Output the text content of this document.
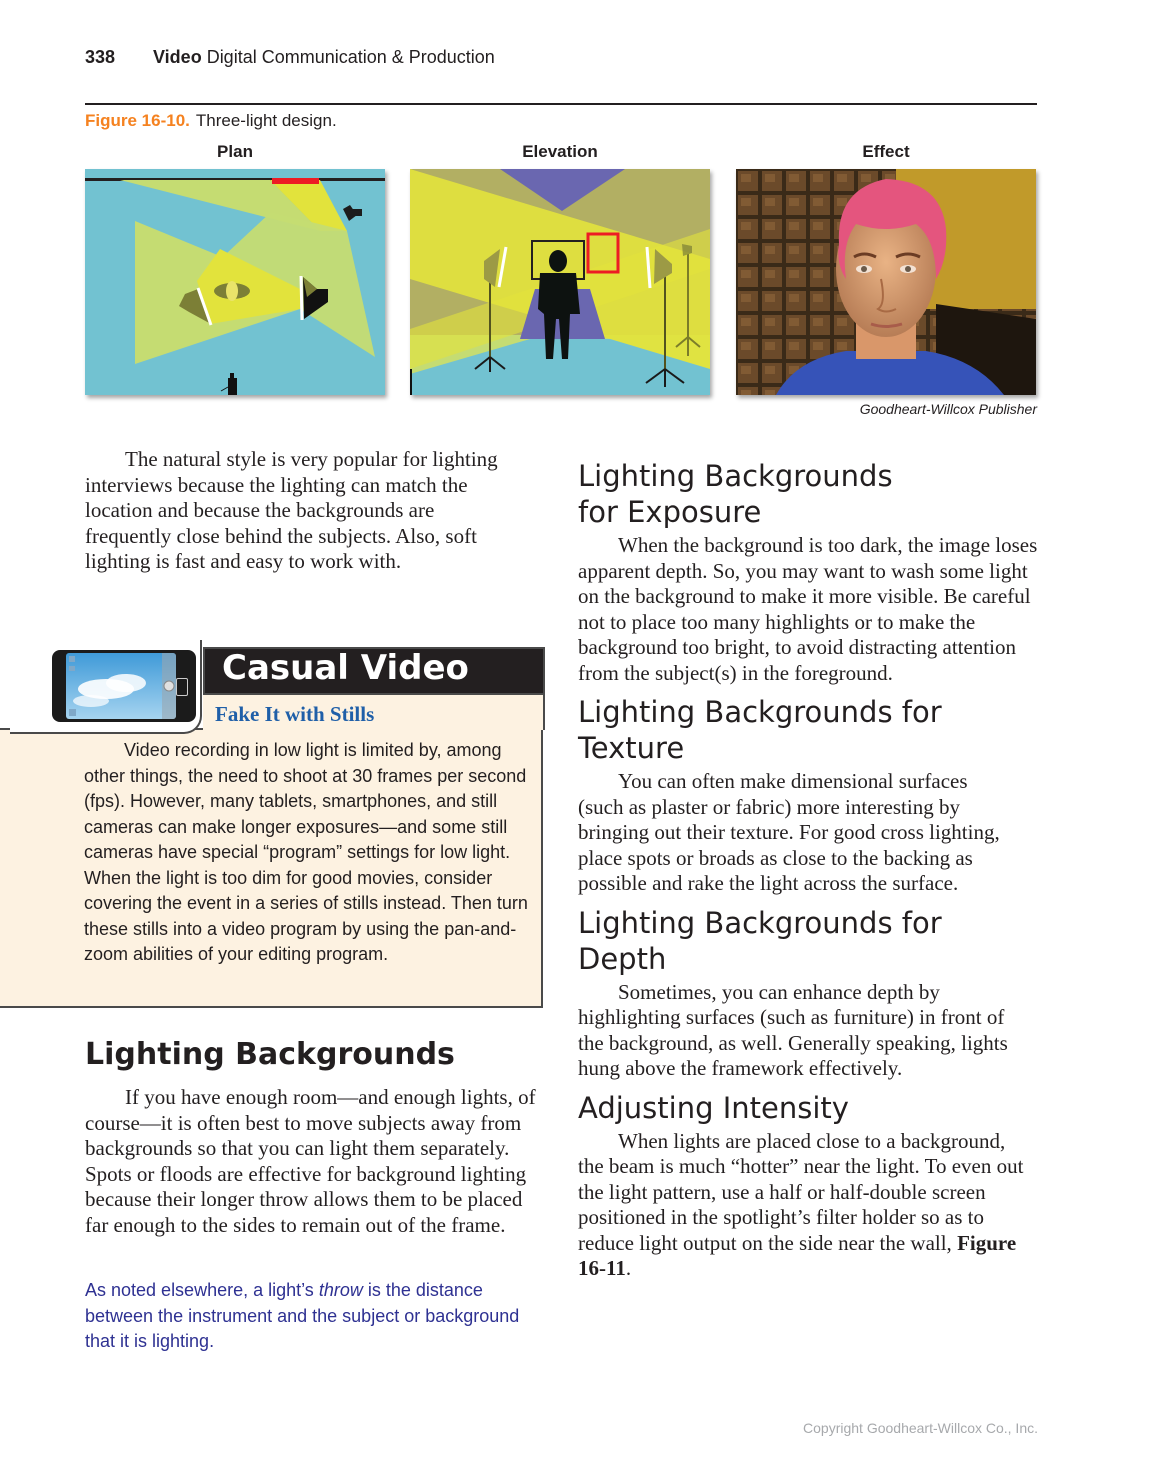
338 Video Digital Communication & Production
Figure 16-10. Three-light design.
Plan	Elevation	Effect
Goodheart-Willcox Publisher

The natural style is very popular for lighting interviews because the lighting can match the location and because the backgrounds are frequently close behind the subjects. Also, soft lighting is fast and easy to work with.

Casual Video
Fake It with Stills
Video recording in low light is limited by, among other things, the need to shoot at 30 frames per second (fps). However, many tablets, smartphones, and still cameras can make longer exposures—and some still cameras have special “program” settings for low light. When the light is too dim for good movies, consider covering the event in a series of stills instead. Then turn these stills into a video program by using the pan-and-zoom abilities of your editing program.
Lighting Backgrounds

If you have enough room—and enough lights, of course—it is often best to move subjects away from backgrounds so that you can light them separately. Spots or floods are effective for background lighting because their longer throw allows them to be placed far enough to the sides to remain out of the frame.

As noted elsewhere, a light’s throw is the distance between the instrument and the subject or background that it is lighting.
Lighting Backgrounds for Exposure

When the background is too dark, the image loses apparent depth. So, you may want to wash some light on the background to make it more visible. Be careful not to place too many highlights or to make the background too bright, to avoid distracting attention from the subject(s) in the foreground.

Lighting Backgrounds for Texture

You can often make dimensional surfaces (such as plaster or fabric) more interesting by bringing out their texture. For good cross lighting, place spots or broads as close to the backing as possible and rake the light across the surface.

Lighting Backgrounds for Depth

Sometimes, you can enhance depth by highlighting surfaces (such as furniture) in front of the background, as well. Generally speaking, lights hung above the framework effectively.

Adjusting Intensity

When lights are placed close to a background, the beam is much “hotter” near the light. To even out the light pattern, use a half or half-double screen positioned in the spotlight’s filter holder so as to reduce light output on the side near the wall, Figure 16-11.

Copyright Goodheart-Willcox Co., Inc.
